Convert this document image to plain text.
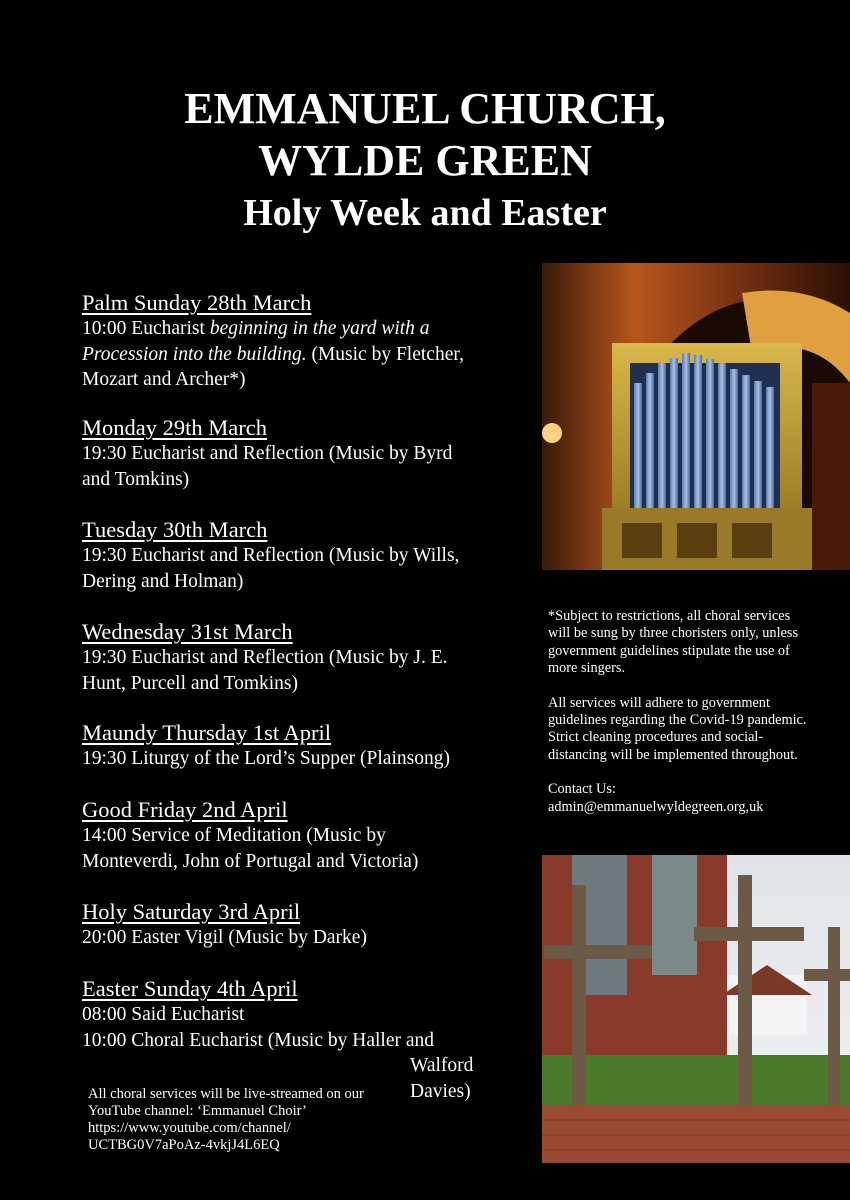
EMMANUEL CHURCH,
WYLDE GREEN
Holy Week and Easter
Palm Sunday 28th March
10:00 Eucharist beginning in the yard with a
Procession into the building. (Music by Fletcher,
Mozart and Archer*)
Monday 29th March
19:30 Eucharist and Reflection (Music by Byrd
and Tomkins)
Tuesday 30th March
19:30 Eucharist and Reflection (Music by Wills,
Dering and Holman)
Wednesday 31st March
19:30 Eucharist and Reflection (Music by J. E.
Hunt, Purcell and Tomkins)
Maundy Thursday 1st April
19:30 Liturgy of the Lord’s Supper (Plainsong)
Good Friday 2nd April
14:00 Service of Meditation (Music by
Monteverdi, John of Portugal and Victoria)
Holy Saturday 3rd April
20:00 Easter Vigil (Music by Darke)
Easter Sunday 4th April
08:00 Said Eucharist
10:00 Choral Eucharist (Music by Haller and
Walford
Davies)
All choral services will be live-streamed on our
YouTube channel: ‘Emmanuel Choir’
https://www.youtube.com/channel/
UCTBG0V7aPoAz-4vkjJ4L6EQ

*Subject to restrictions, all choral services
will be sung by three choristers only, unless
government guidelines stipulate the use of
more singers.

All services will adhere to government
guidelines regarding the Covid-19 pandemic.
Strict cleaning procedures and social-
distancing will be implemented throughout.

Contact Us:
admin@emmanuelwyldegreen.org,uk
